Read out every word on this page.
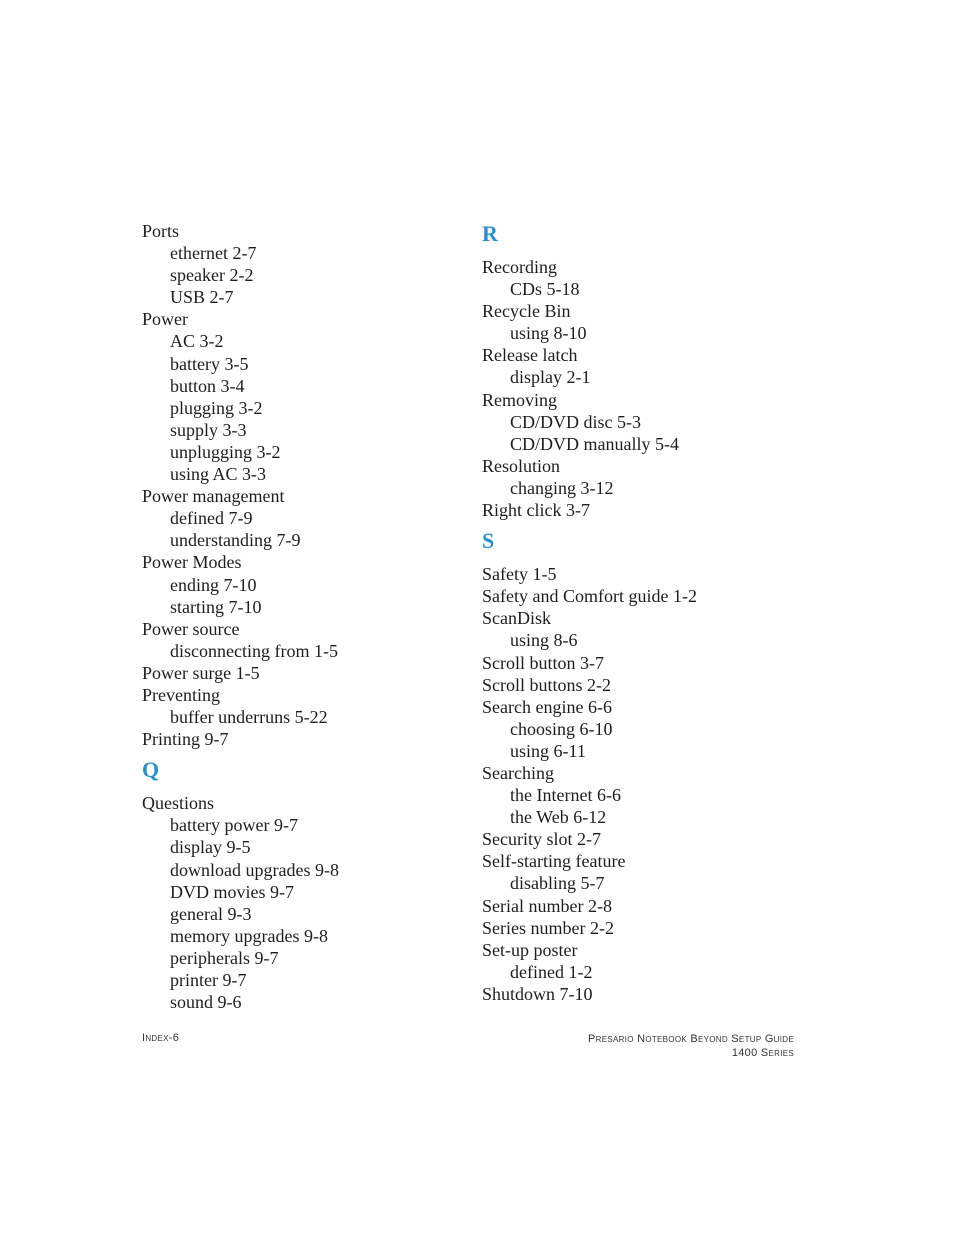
Ports
ethernet 2-7
speaker 2-2
USB 2-7
Power
AC 3-2
battery 3-5
button 3-4
plugging 3-2
supply 3-3
unplugging 3-2
using AC 3-3
Power management
defined 7-9
understanding 7-9
Power Modes
ending 7-10
starting 7-10
Power source
disconnecting from 1-5
Power surge 1-5
Preventing
buffer underruns 5-22
Printing 9-7
Q
Questions
battery power 9-7
display 9-5
download upgrades 9-8
DVD movies 9-7
general 9-3
memory upgrades 9-8
peripherals 9-7
printer 9-7
sound 9-6
R
Recording
CDs 5-18
Recycle Bin
using 8-10
Release latch
display 2-1
Removing
CD/DVD disc 5-3
CD/DVD manually 5-4
Resolution
changing 3-12
Right click 3-7
S
Safety 1-5
Safety and Comfort guide 1-2
ScanDisk
using 8-6
Scroll button 3-7
Scroll buttons 2-2
Search engine 6-6
choosing 6-10
using 6-11
Searching
the Internet 6-6
the Web 6-12
Security slot 2-7
Self-starting feature
disabling 5-7
Serial number 2-8
Series number 2-2
Set-up poster
defined 1-2
Shutdown 7-10
Index-6	Presario Notebook Beyond Setup Guide
1400 Series
